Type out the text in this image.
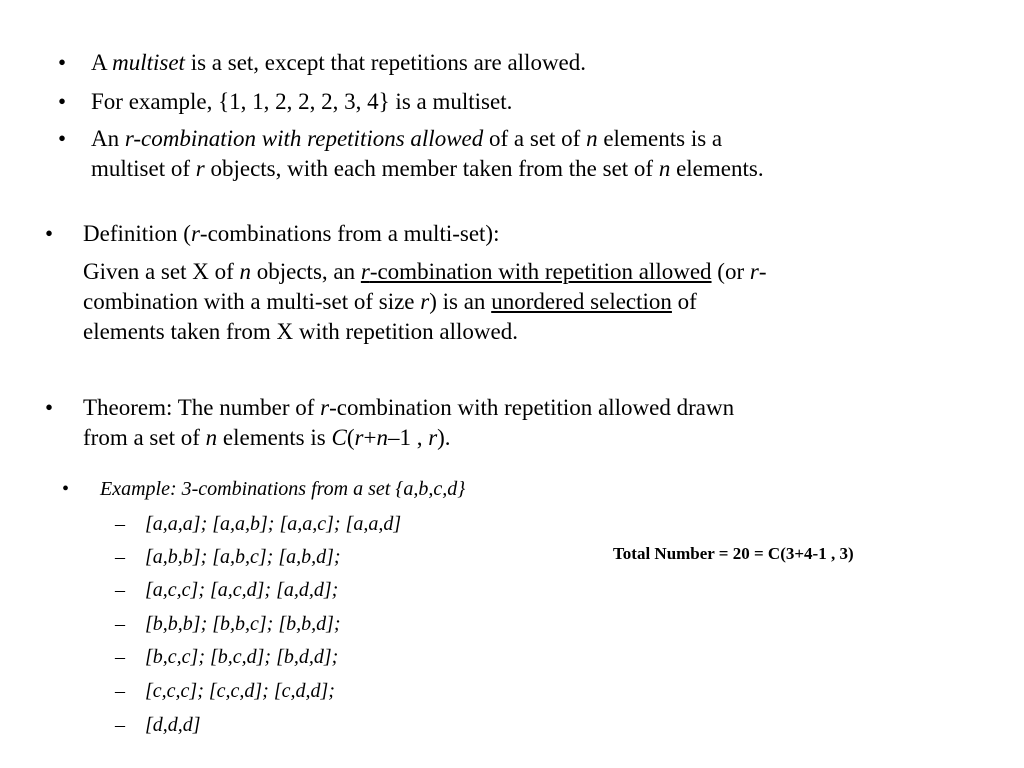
• A multiset is a set, except that repetitions are allowed.
• For example, {1, 1, 2, 2, 2, 3, 4} is a multiset.
• An r-combination with repetitions allowed of a set of n elements is a
multiset of r objects, with each member taken from the set of n elements.
• Definition (r-combinations from a multi-set):
Given a set X of n objects, an r-combination with repetition allowed (or r-
combination with a multi-set of size r) is an unordered selection of
elements taken from X with repetition allowed.
• Theorem: The number of r-combination with repetition allowed drawn
from a set of n elements is C(r+n–1 , r).
• Example: 3-combinations from a set {a,b,c,d}
– [a,a,a]; [a,a,b]; [a,a,c]; [a,a,d]
– [a,b,b]; [a,b,c]; [a,b,d];
– [a,c,c]; [a,c,d]; [a,d,d];
– [b,b,b]; [b,b,c]; [b,b,d];
– [b,c,c]; [b,c,d]; [b,d,d];
– [c,c,c]; [c,c,d]; [c,d,d];
– [d,d,d]
Total Number = 20 = C(3+4-1 , 3)
